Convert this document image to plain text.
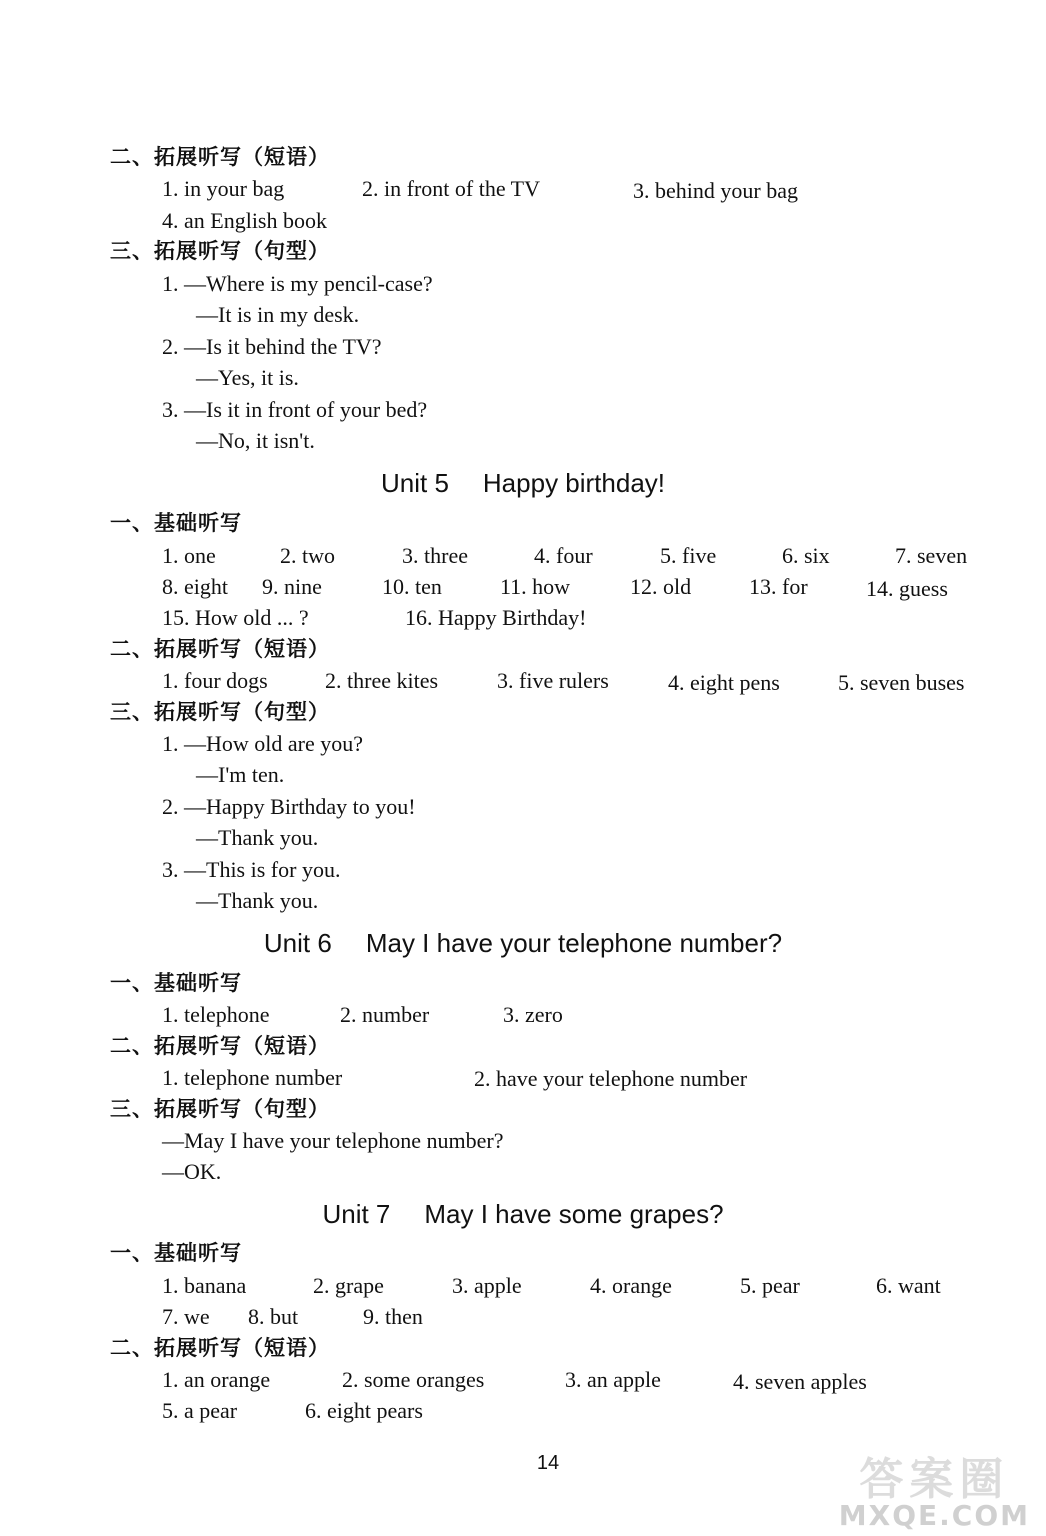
二、拓展听写（短语）
1. in your bag	2. in front of the TV	3. behind your bag
4. an English book
三、拓展听写（句型）
1. —Where is my pencil-case?
—It is in my desk.
2. —Is it behind the TV?
—Yes, it is.
3. —Is it in front of your bed?
—No, it isn't.
Unit 5 Happy birthday!
一、基础听写
1. one	2. two	3. three	4. four	5. five	6. six	7. seven
8. eight 9. nine	10. ten	11. how	12. old	13. for	14. guess
15. How old ... ?	16. Happy Birthday!
二、拓展听写（短语）
1. four dogs	2. three kites	3. five rulers	4. eight pens	5. seven buses
三、拓展听写（句型）
1. —How old are you?
—I'm ten.
2. —Happy Birthday to you!
—Thank you.
3. —This is for you.
—Thank you.
Unit 6 May I have your telephone number?
一、基础听写
1. telephone	2. number	3. zero
二、拓展听写（短语）
1. telephone number	2. have your telephone number
三、拓展听写（句型）
—May I have your telephone number?
—OK.
Unit 7 May I have some grapes?
一、基础听写
1. banana	2. grape	3. apple	4. orange	5. pear	6. want
7. we 8. but	9. then
二、拓展听写（短语）
1. an orange	2. some oranges	3. an apple	4. seven apples
5. a pear	6. eight pears
14	答案圈
MXQE.COM
